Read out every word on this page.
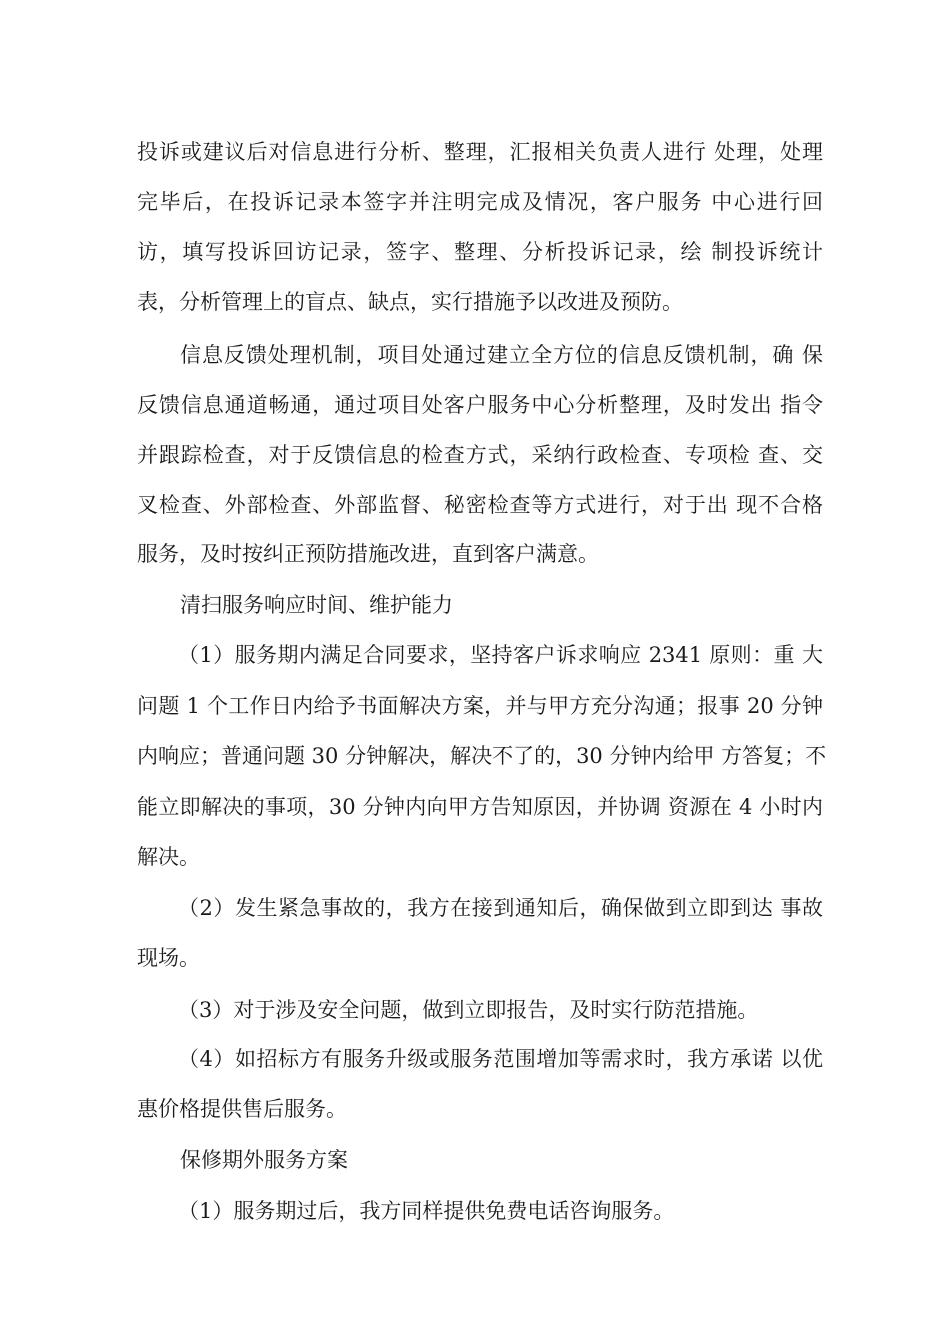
投诉或建议后对信息进行分析、整理，汇报相关负责人进行 处理，处理
完毕后，在投诉记录本签字并注明完成及情况，客户服务 中心进行回
访，填写投诉回访记录，签字、整理、分析投诉记录，绘 制投诉统计
表，分析管理上的盲点、缺点，实行措施予以改进及预防。
信息反馈处理机制，项目处通过建立全方位的信息反馈机制，确 保
反馈信息通道畅通，通过项目处客户服务中心分析整理，及时发出 指令
并跟踪检查，对于反馈信息的检查方式，采纳行政检查、专项检 查、交
叉检查、外部检查、外部监督、秘密检查等方式进行，对于出 现不合格
服务，及时按纠正预防措施改进，直到客户满意。
清扫服务响应时间、维护能力
（1）服务期内满足合同要求，坚持客户诉求响应 2341 原则：重 大
问题 1 个工作日内给予书面解决方案，并与甲方充分沟通；报事 20 分钟
内响应；普通问题 30 分钟解决，解决不了的，30 分钟内给甲 方答复；不
能立即解决的事项，30 分钟内向甲方告知原因，并协调 资源在 4 小时内
解决。
（2）发生紧急事故的，我方在接到通知后，确保做到立即到达 事故
现场。
（3）对于涉及安全问题，做到立即报告，及时实行防范措施。
（4）如招标方有服务升级或服务范围增加等需求时，我方承诺 以优
惠价格提供售后服务。
保修期外服务方案
（1）服务期过后，我方同样提供免费电话咨询服务。
